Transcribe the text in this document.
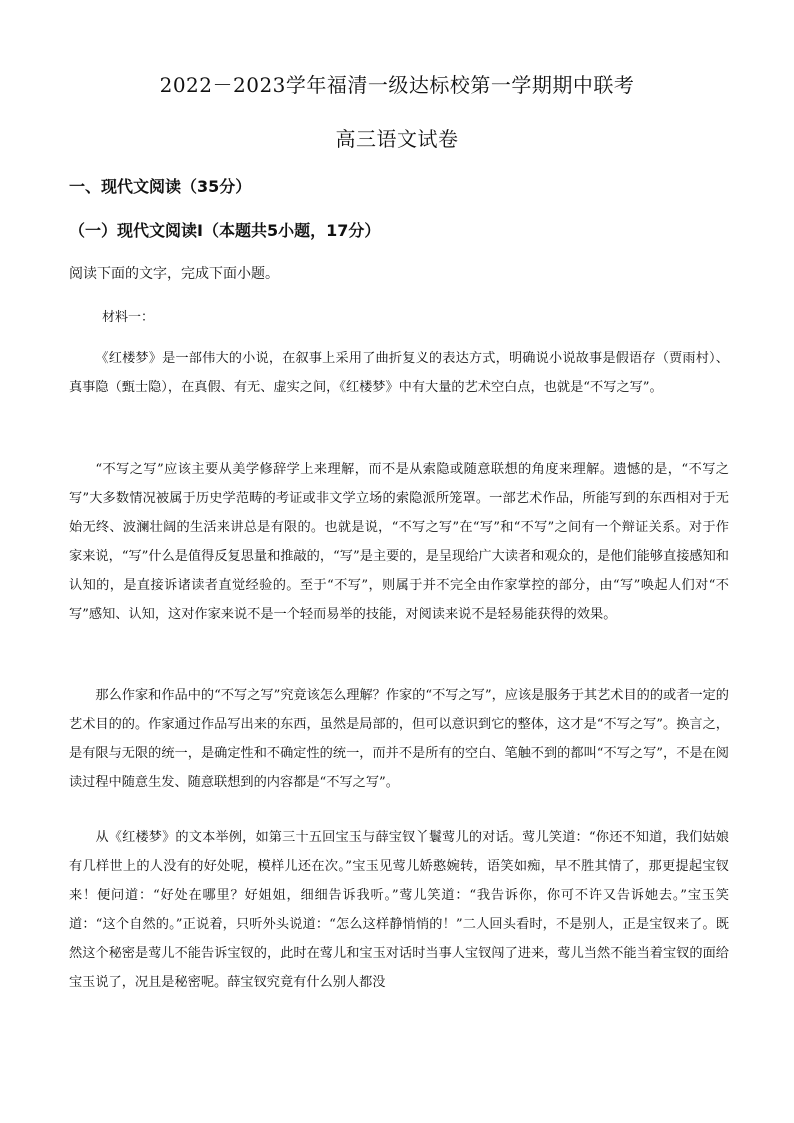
2022－2023学年福清一级达标校第一学期期中联考
高三语文试卷
一、现代文阅读（35分）
（一）现代文阅读Ⅰ（本题共5小题，17分）
阅读下面的文字，完成下面小题。
材料一：

《红楼梦》是一部伟大的小说，在叙事上采用了曲折复义的表达方式，明确说小说故事是假语存（贾雨村）、真事隐（甄士隐），在真假、有无、虚实之间，《红楼梦》中有大量的艺术空白点，也就是“不写之写”。

“不写之写”应该主要从美学修辞学上来理解，而不是从索隐或随意联想的角度来理解。遗憾的是，“不写之写”大多数情况被属于历史学范畴的考证或非文学立场的索隐派所笼罩。一部艺术作品，所能写到的东西相对于无始无终、波澜壮阔的生活来讲总是有限的。也就是说，“不写之写”在“写”和“不写”之间有一个辩证关系。对于作家来说，“写”什么是值得反复思量和推敲的，“写”是主要的，是呈现给广大读者和观众的，是他们能够直接感知和认知的，是直接诉诸读者直觉经验的。至于“不写”，则属于并不完全由作家掌控的部分，由“写”唤起人们对“不写”感知、认知，这对作家来说不是一个轻而易举的技能，对阅读来说不是轻易能获得的效果。

那么作家和作品中的“不写之写”究竟该怎么理解？作家的“不写之写”，应该是服务于其艺术目的的或者一定的艺术目的的。作家通过作品写出来的东西，虽然是局部的，但可以意识到它的整体，这才是“不写之写”。换言之，是有限与无限的统一，是确定性和不确定性的统一，而并不是所有的空白、笔触不到的都叫“不写之写”，不是在阅读过程中随意生发、随意联想到的内容都是“不写之写”。

从《红楼梦》的文本举例，如第三十五回宝玉与薛宝钗丫鬟莺儿的对话。莺儿笑道：“你还不知道，我们姑娘有几样世上的人没有的好处呢，模样儿还在次。”宝玉见莺儿娇憨婉转，语笑如痴，早不胜其情了，那更提起宝钗来！便问道：“好处在哪里？好姐姐，细细告诉我听。”莺儿笑道：“我告诉你，你可不许又告诉她去。”宝玉笑道：“这个自然的。”正说着，只听外头说道：“怎么这样静悄悄的！”二人回头看时，不是别人，正是宝钗来了。既然这个秘密是莺儿不能告诉宝钗的，此时在莺儿和宝玉对话时当事人宝钗闯了进来，莺儿当然不能当着宝钗的面给宝玉说了，况且是秘密呢。薛宝钗究竟有什么别人都没
